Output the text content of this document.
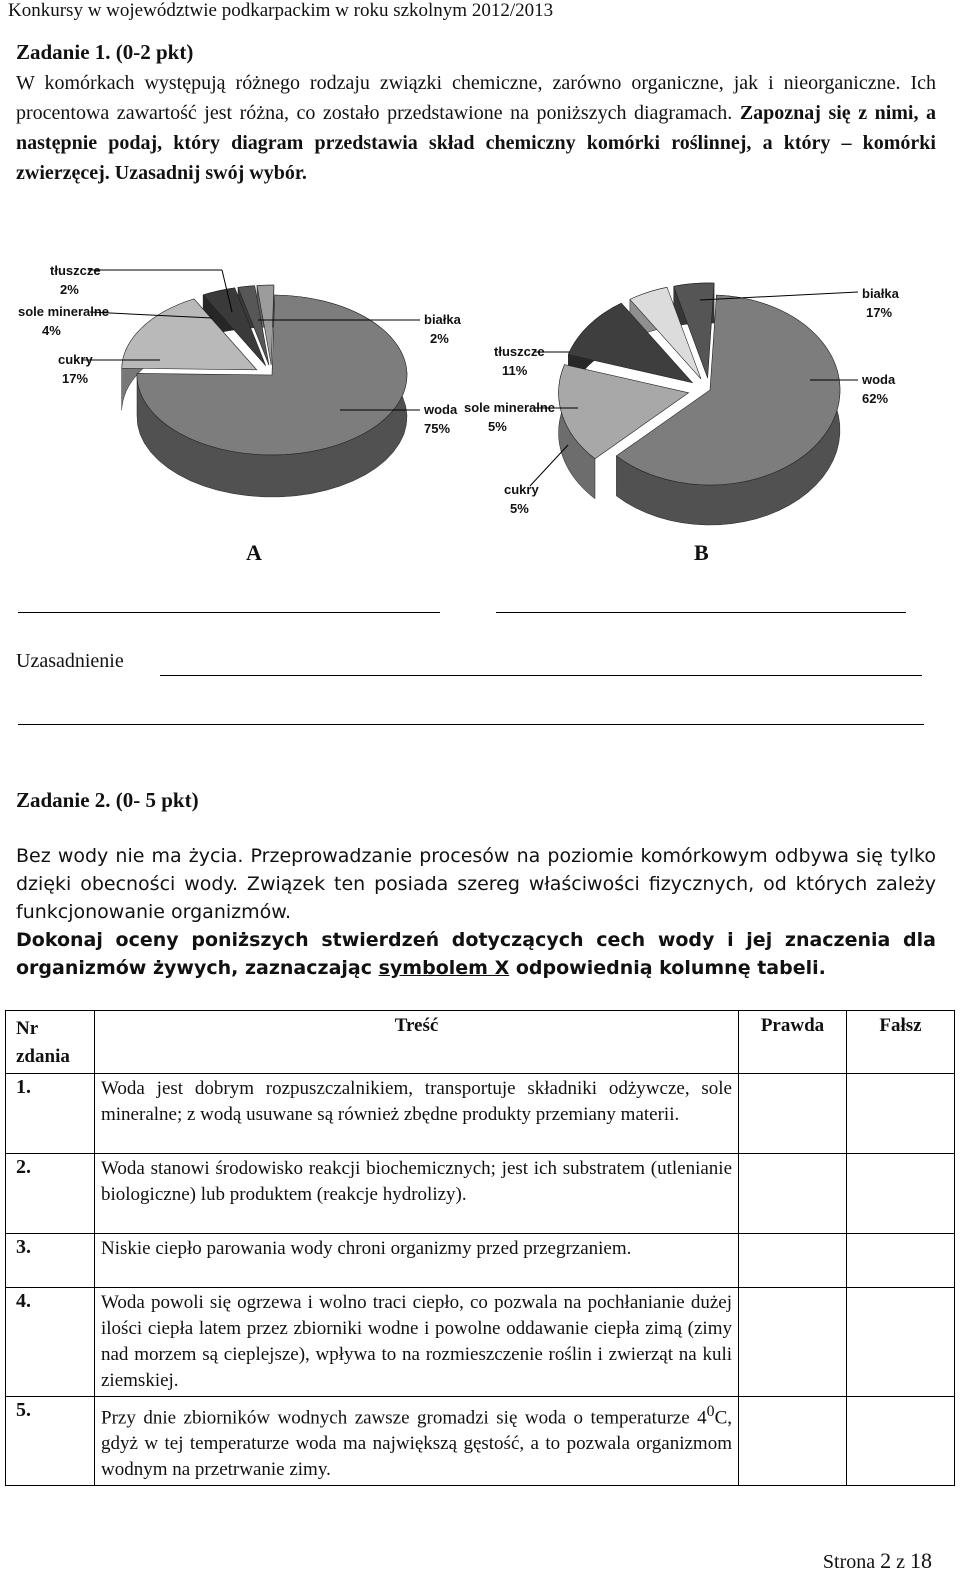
Konkursy w województwie podkarpackim w roku szkolnym 2012/2013
Zadanie 1. (0-2 pkt)

W komórkach występują różnego rodzaju związki chemiczne, zarówno organiczne, jak i nieorganiczne. Ich procentowa zawartość jest różna, co zostało przedstawione na poniższych diagramach. Zapoznaj się z nimi, a następnie podaj, który diagram przedstawia skład chemiczny komórki roślinnej, a który – komórki zwierzęcej. Uzasadnij swój wybór.

tłuszcze
2%
sole mineralne
4%
cukry
17%
białka
2%
woda
75%
białka
17%
woda
62%
tłuszcze
11%
sole mineralne
5%
cukry
5%
A	B
Uzasadnienie
Zadanie 2. (0- 5 pkt)

Bez wody nie ma życia. Przeprowadzanie procesów na poziomie komórkowym odbywa się tylko dzięki obecności wody. Związek ten posiada szereg właściwości fizycznych, od których zależy funkcjonowanie organizmów.
Dokonaj oceny poniższych stwierdzeń dotyczących cech wody i jej znaczenia dla organizmów żywych, zaznaczając symbolem X odpowiednią kolumnę tabeli.

Nr zdania	Treść	Prawda	Fałsz
1.	Woda jest dobrym rozpuszczalnikiem, transportuje składniki odżywcze, sole mineralne; z wodą usuwane są również zbędne produkty przemiany materii.		
2.	Woda stanowi środowisko reakcji biochemicznych; jest ich substratem (utlenianie biologiczne) lub produktem (reakcje hydrolizy).		
3.	Niskie ciepło parowania wody chroni organizmy przed przegrzaniem.		
4.	Woda powoli się ogrzewa i wolno traci ciepło, co pozwala na pochłanianie dużej ilości ciepła latem przez zbiorniki wodne i powolne oddawanie ciepła zimą (zimy nad morzem są cieplejsze), wpływa to na rozmieszczenie roślin i zwierząt na kuli ziemskiej.		
5.	Przy dnie zbiorników wodnych zawsze gromadzi się woda o temperaturze $4^0C$, gdyż w tej temperaturze woda ma największą gęstość, a to pozwala organizmom wodnym na przetrwanie zimy.		
Strona 2 z 18
